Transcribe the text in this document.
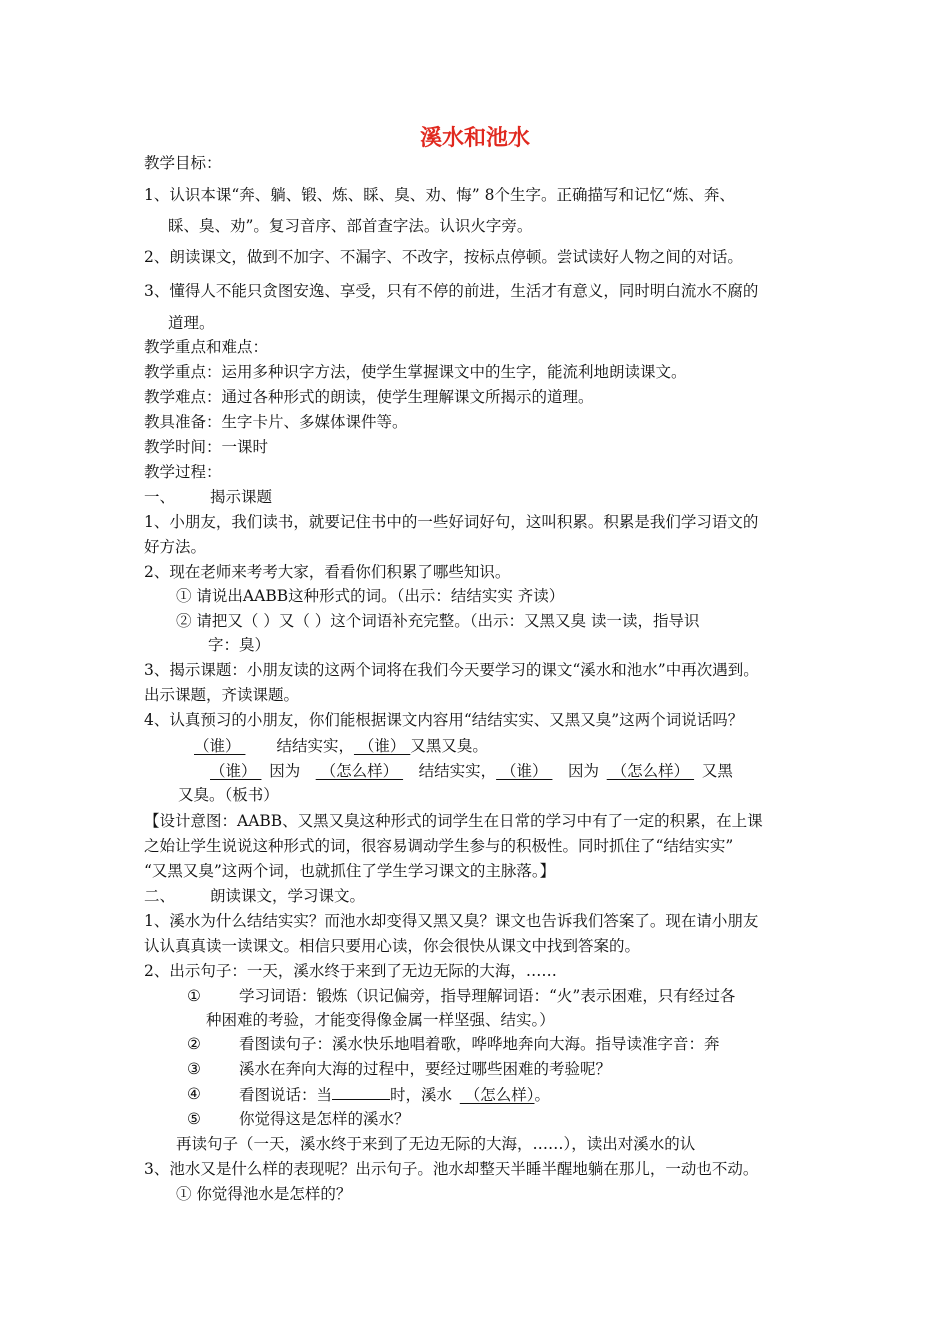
溪水和池水
教学目标：
1、认识本课“奔、躺、锻、炼、睬、臭、劝、悔” 8个生字。正确描写和记忆“炼、奔、
睬、臭、劝”。复习音序、部首查字法。认识火字旁。
2、朗读课文，做到不加字、不漏字、不改字，按标点停顿。尝试读好人物之间的对话。
3、懂得人不能只贪图安逸、享受，只有不停的前进，生活才有意义，同时明白流水不腐的
道理。
教学重点和难点：
教学重点：运用多种识字方法，使学生掌握课文中的生字，能流利地朗读课文。
教学难点：通过各种形式的朗读，使学生理解课文所揭示的道理。
教具准备：生字卡片、多媒体课件等。
教学时间：一课时
教学过程：
一、 揭示课题
1、小朋友，我们读书，就要记住书中的一些好词好句，这叫积累。积累是我们学习语文的
好方法。
2、现在老师来考考大家，看看你们积累了哪些知识。
① 请说出AABB这种形式的词。（出示：结结实实 齐读）
② 请把又（ ）又（ ）这个词语补充完整。（出示：又黑又臭 读一读，指导识
字：臭）
3、揭示课题：小朋友读的这两个词将在我们今天要学习的课文“溪水和池水”中再次遇到。
出示课题，齐读课题。
4、认真预习的小朋友，你们能根据课文内容用“结结实实、又黑又臭”这两个词说话吗？
（谁）   结结实实， （谁） 又黑又臭。
（谁）  因为  （怎么样）  结结实实， （谁）  因为  （怎么样）  又黑
又臭。（板书）
【设计意图：AABB、又黑又臭这种形式的词学生在日常的学习中有了一定的积累，在上课
之始让学生说说这种形式的词，很容易调动学生参与的积极性。同时抓住了“结结实实”
“又黑又臭”这两个词，也就抓住了学生学习课文的主脉落。】
二、 朗读课文，学习课文。
1、溪水为什么结结实实？而池水却变得又黑又臭？课文也告诉我们答案了。现在请小朋友
认认真真读一读课文。相信只要用心读，你会很快从课文中找到答案的。
2、出示句子：一天，溪水终于来到了无边无际的大海，……
① 学习词语：锻炼（识记偏旁，指导理解词语：“火”表示困难，只有经过各
种困难的考验，才能变得像金属一样坚强、结实。）
② 看图读句子：溪水快乐地唱着歌，哗哗地奔向大海。指导读准字音：奔
③ 溪水在奔向大海的过程中，要经过哪些困难的考验呢？
④ 看图说话：当	时，溪水  （怎么样）。
⑤ 你觉得这是怎样的溪水？
再读句子（一天，溪水终于来到了无边无际的大海，……），读出对溪水的认
3、池水又是什么样的表现呢？出示句子。池水却整天半睡半醒地躺在那儿，一动也不动。
① 你觉得池水是怎样的？
